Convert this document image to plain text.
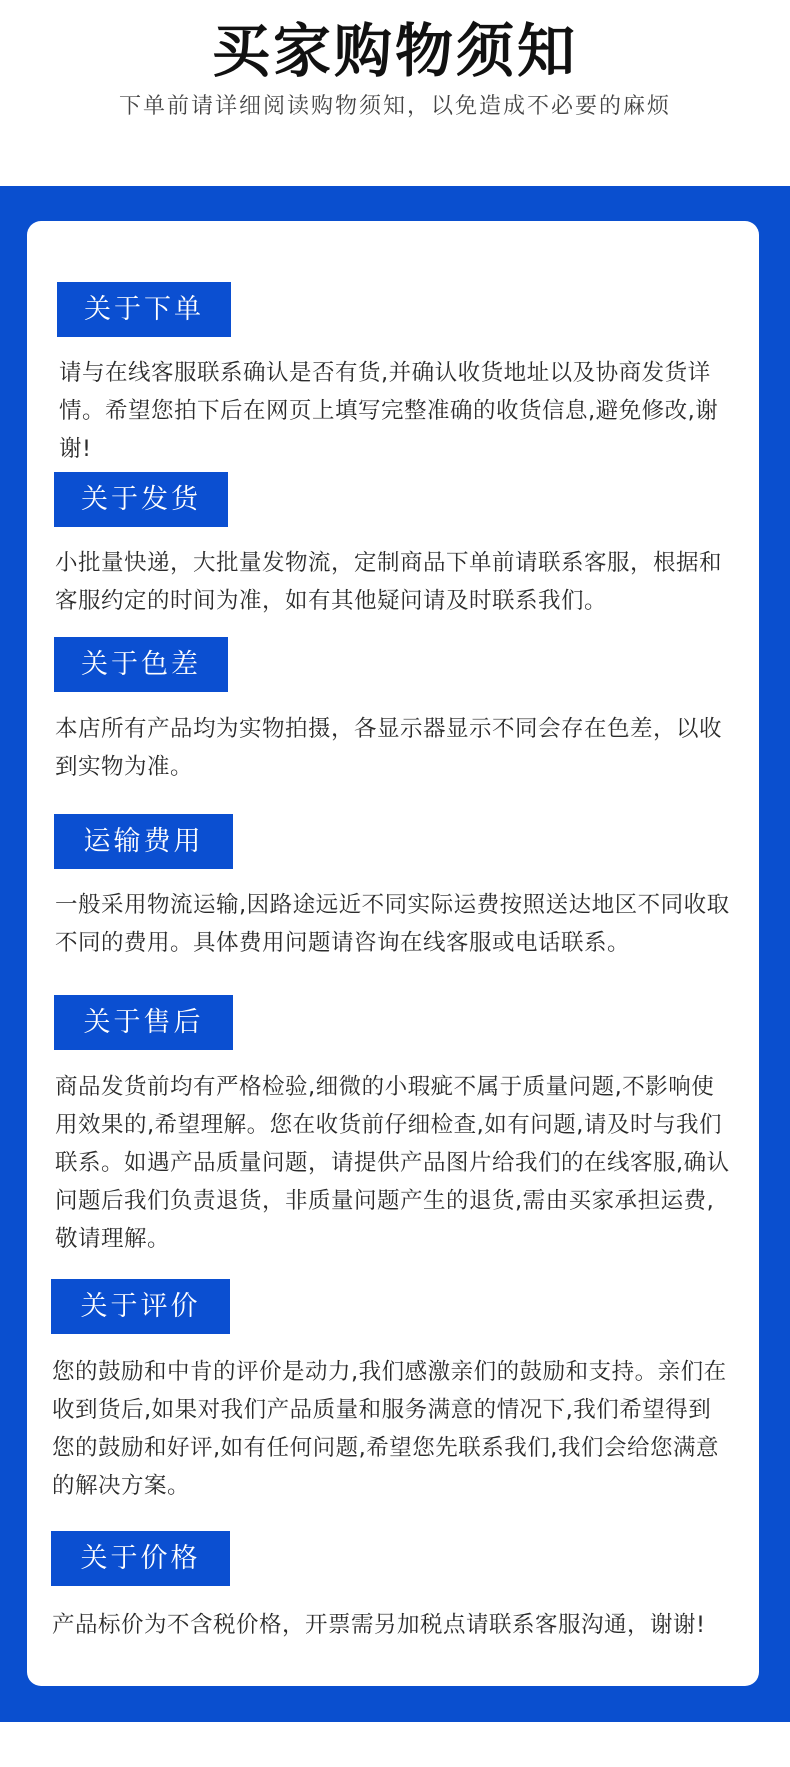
买家购物须知
下单前请详细阅读购物须知，以免造成不必要的麻烦
关于下单
请与在线客服联系确认是否有货,并确认收货地址以及协商发货详情。希望您拍下后在网页上填写完整准确的收货信息,避免修改,谢谢!
关于发货
小批量快递，大批量发物流，定制商品下单前请联系客服，根据和客服约定的时间为准，如有其他疑问请及时联系我们。
关于色差
本店所有产品均为实物拍摄，各显示器显示不同会存在色差，以收到实物为准。
运输费用
一般采用物流运输,因路途远近不同实际运费按照送达地区不同收取不同的费用。具体费用问题请咨询在线客服或电话联系。
关于售后
商品发货前均有严格检验,细微的小瑕疵不属于质量问题,不影响使用效果的,希望理解。您在收货前仔细检查,如有问题,请及时与我们联系。如遇产品质量问题，请提供产品图片给我们的在线客服,确认问题后我们负责退货，非质量问题产生的退货,需由买家承担运费,敬请理解。
关于评价
您的鼓励和中肯的评价是动力,我们感激亲们的鼓励和支持。亲们在收到货后,如果对我们产品质量和服务满意的情况下,我们希望得到您的鼓励和好评,如有任何问题,希望您先联系我们,我们会给您满意的解决方案。
关于价格
产品标价为不含税价格，开票需另加税点请联系客服沟通，谢谢!
